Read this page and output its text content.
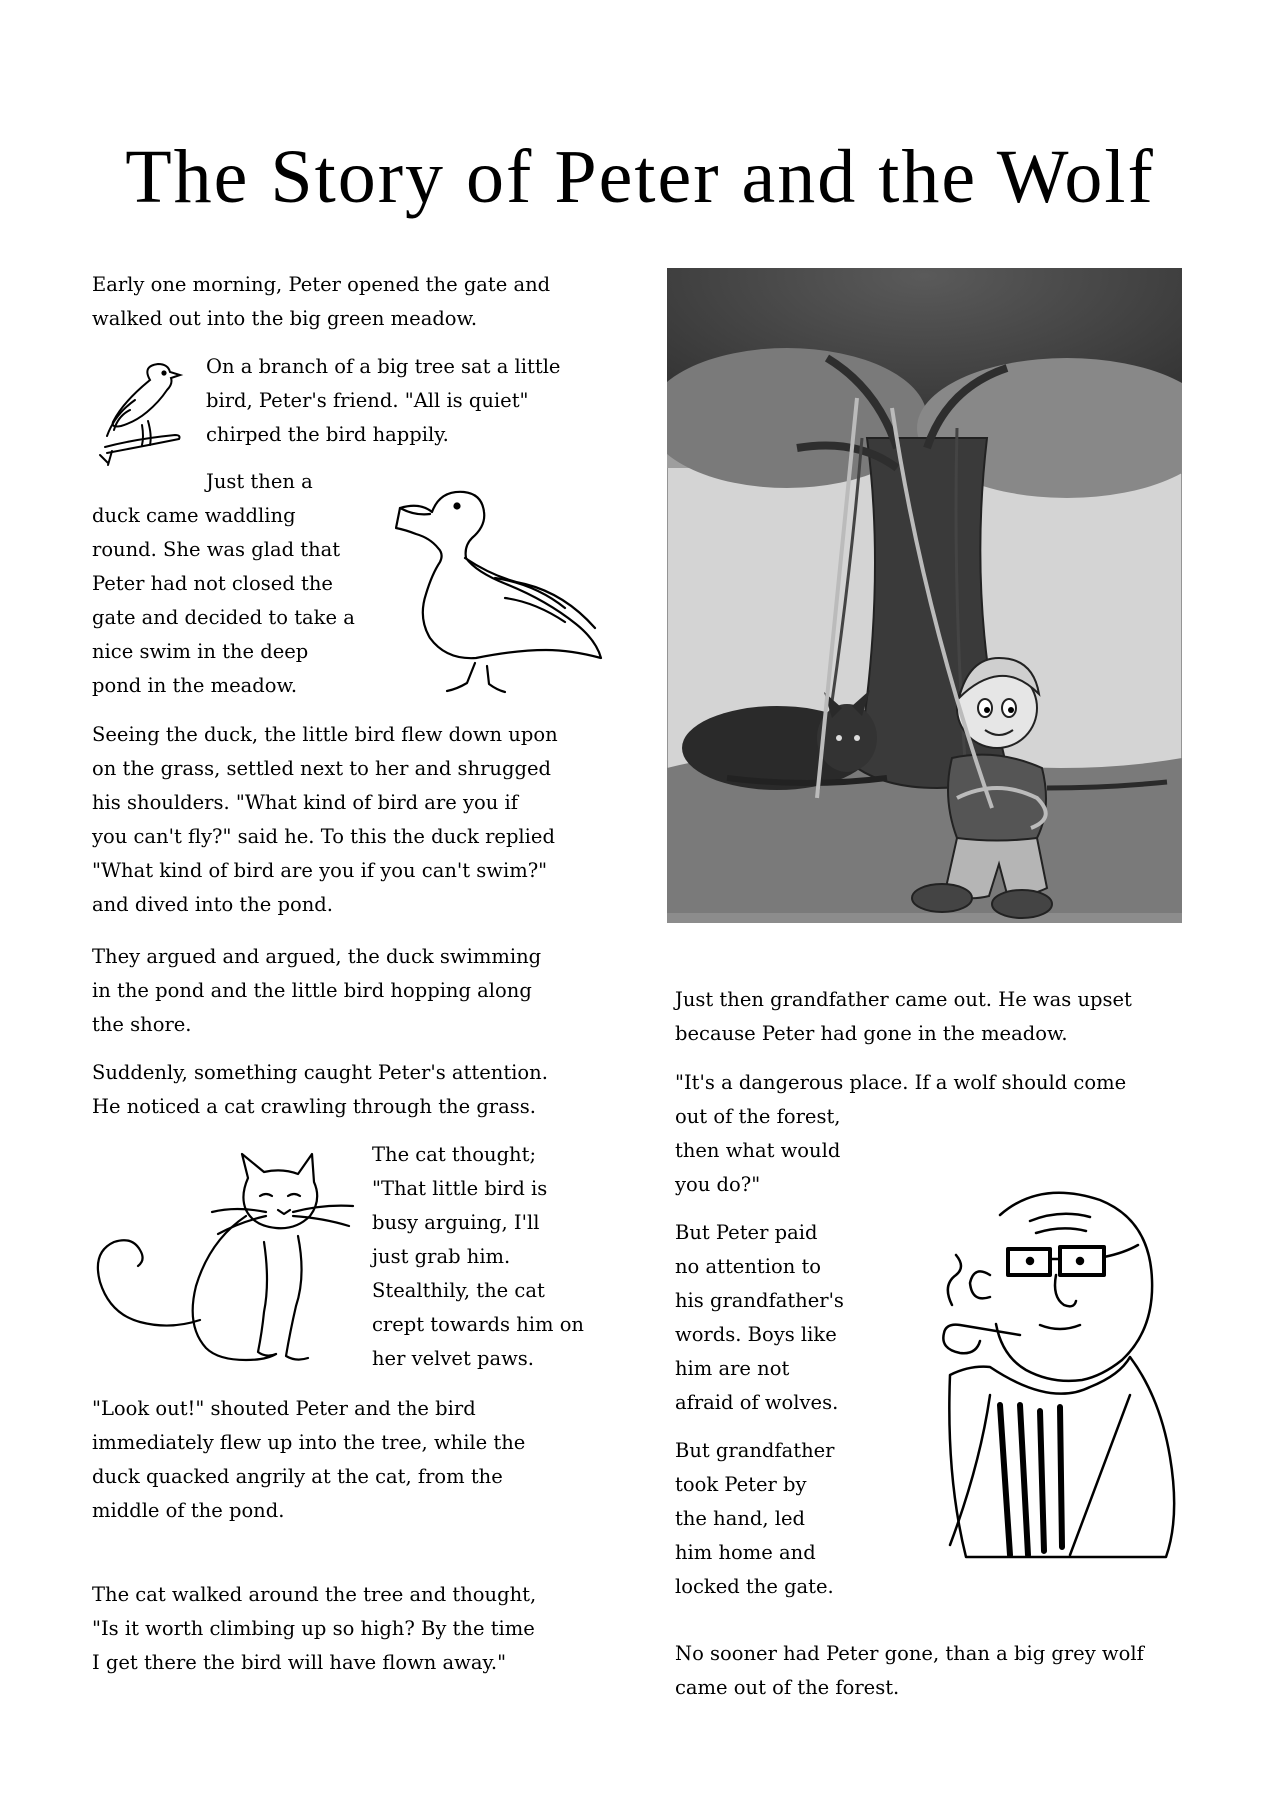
The Story of Peter and the Wolf

Early one morning, Peter opened the gate and
walked out into the big green meadow.

On a branch of a big tree sat a little
bird, Peter's friend. "All is quiet"
chirped the bird happily.

Just then a

duck came waddling
round. She was glad that
Peter had not closed the
gate and decided to take a
nice swim in the deep
pond in the meadow.

Seeing the duck, the little bird flew down upon
on the grass, settled next to her and shrugged
his shoulders. "What kind of bird are you if
you can't fly?" said he. To this the duck replied
"What kind of bird are you if you can't swim?"
and dived into the pond.

They argued and argued, the duck swimming
in the pond and the little bird hopping along
the shore.

Suddenly, something caught Peter's attention.
He noticed a cat crawling through the grass.

The cat thought;
"That little bird is
busy arguing, I'll
just grab him.
Stealthily, the cat
crept towards him on
her velvet paws.

"Look out!" shouted Peter and the bird
immediately flew up into the tree, while the
duck quacked angrily at the cat, from the
middle of the pond.

The cat walked around the tree and thought,
"Is it worth climbing up so high? By the time
I get there the bird will have flown away."

Just then grandfather came out. He was upset
because Peter had gone in the meadow.

"It's a dangerous place. If a wolf should come

out of the forest,
then what would
you do?"

But Peter paid
no attention to
his grandfather's
words. Boys like
him are not
afraid of wolves.

But grandfather
took Peter by
the hand, led
him home and
locked the gate.

No sooner had Peter gone, than a big grey wolf
came out of the forest.
